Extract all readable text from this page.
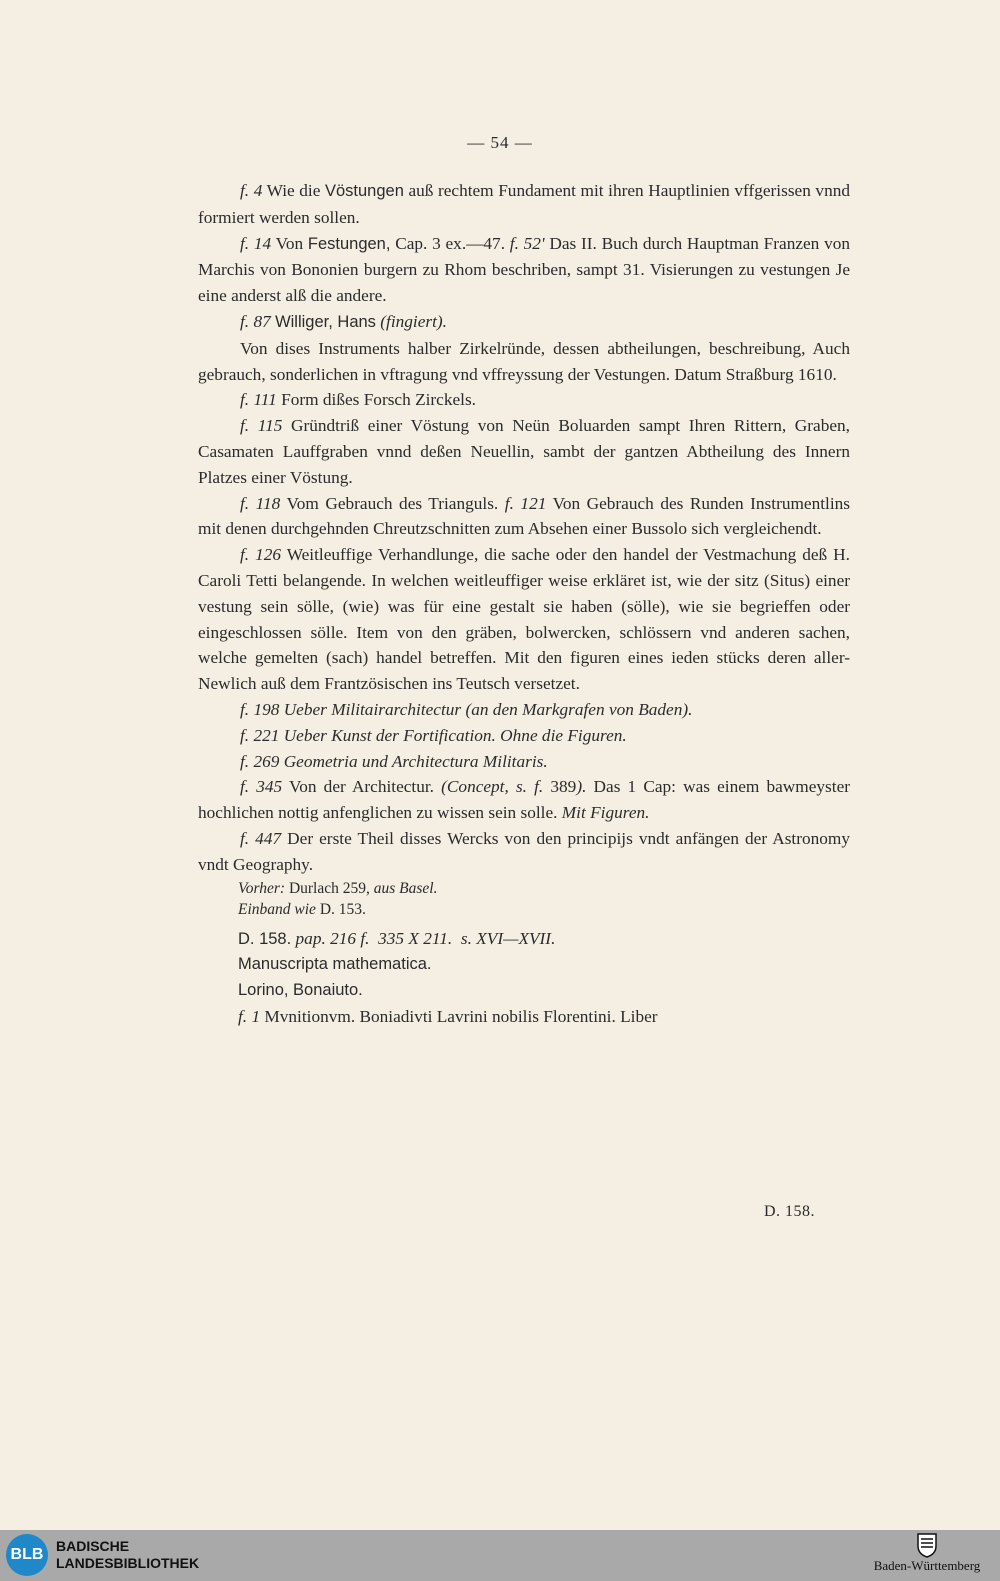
— 54 —

f. 4 Wie die Vöstungen auß rechtem Fundament mit ihren Hauptlinien vffgerissen vnnd formiert werden sollen.

f. 14 Von Festungen, Cap. 3 ex.—47. f. 52' Das II. Buch durch Hauptman Franzen von Marchis von Bononien burgern zu Rhom beschriben, sampt 31. Visierungen zu vestungen Je eine anderst alß die andere.

f. 87 Williger, Hans (fingiert).

Von dises Instruments halber Zirkelründe, dessen abtheilungen, beschreibung, Auch gebrauch, sonderlichen in vftragung vnd vffreyssung der Vestungen. Datum Straßburg 1610.

f. 111 Form dißes Forsch Zirckels.

f. 115 Gründtriß einer Vöstung von Neün Boluarden sampt Ihren Rittern, Graben, Casamaten Lauffgraben vnnd deßen Neuellin, sambt der gantzen Abtheilung des Innern Platzes einer Vöstung.

f. 118 Vom Gebrauch des Trianguls. f. 121 Von Gebrauch des Runden Instrumentlins mit denen durchgehnden Chreutzschnitten zum Absehen einer Bussolo sich vergleichendt.

f. 126 Weitleuffige Verhandlunge, die sache oder den handel der Vestmachung deß H. Caroli Tetti belangende. In welchen weitleuffiger weise erkläret ist, wie der sitz (Situs) einer vestung sein sölle, (wie) was für eine gestalt sie haben (sölle), wie sie begrieffen oder eingeschlossen sölle. Item von den gräben, bolwercken, schlössern vnd anderen sachen, welche gemelten (sach) handel betreffen. Mit den figuren eines ieden stücks deren aller-Newlich auß dem Frantzösischen ins Teutsch versetzet.

f. 198 Ueber Militairarchitectur (an den Markgrafen von Baden).

f. 221 Ueber Kunst der Fortification. Ohne die Figuren.

f. 269 Geometria und Architectura Militaris.

f. 345 Von der Architectur. (Concept, s. f. 389). Das 1 Cap: was einem bawmeyster hochlichen nottig anfenglichen zu wissen sein solle. Mit Figuren.

f. 447 Der erste Theil disses Wercks von den principijs vndt anfängen der Astronomy vndt Geography.

Vorher: Durlach 259, aus Basel.
Einband wie D. 153.
D. 158. pap. 216 f. 335 X 211. s. XVI—XVII.
Manuscripta mathematica.
Lorino, Bonaiuto.
f. 1 Mvnitionvm. Boniadivti Lavrini nobilis Florentini. Liber
D. 158.
BLB BADISCHE
LANDESBIBLIOTHEK	Baden-Württemberg
